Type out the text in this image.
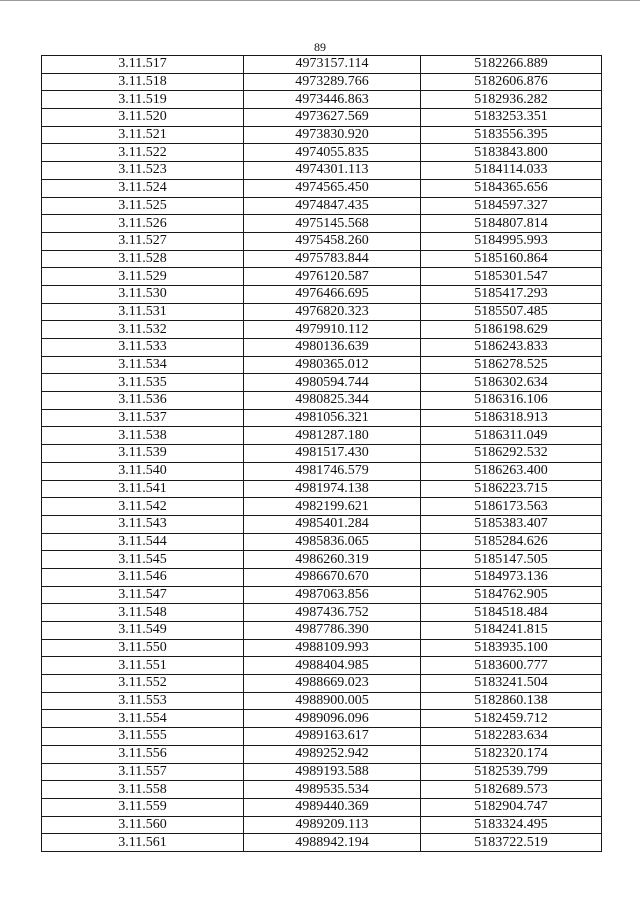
89
3.11.517	4973157.114	5182266.889
3.11.518	4973289.766	5182606.876
3.11.519	4973446.863	5182936.282
3.11.520	4973627.569	5183253.351
3.11.521	4973830.920	5183556.395
3.11.522	4974055.835	5183843.800
3.11.523	4974301.113	5184114.033
3.11.524	4974565.450	5184365.656
3.11.525	4974847.435	5184597.327
3.11.526	4975145.568	5184807.814
3.11.527	4975458.260	5184995.993
3.11.528	4975783.844	5185160.864
3.11.529	4976120.587	5185301.547
3.11.530	4976466.695	5185417.293
3.11.531	4976820.323	5185507.485
3.11.532	4979910.112	5186198.629
3.11.533	4980136.639	5186243.833
3.11.534	4980365.012	5186278.525
3.11.535	4980594.744	5186302.634
3.11.536	4980825.344	5186316.106
3.11.537	4981056.321	5186318.913
3.11.538	4981287.180	5186311.049
3.11.539	4981517.430	5186292.532
3.11.540	4981746.579	5186263.400
3.11.541	4981974.138	5186223.715
3.11.542	4982199.621	5186173.563
3.11.543	4985401.284	5185383.407
3.11.544	4985836.065	5185284.626
3.11.545	4986260.319	5185147.505
3.11.546	4986670.670	5184973.136
3.11.547	4987063.856	5184762.905
3.11.548	4987436.752	5184518.484
3.11.549	4987786.390	5184241.815
3.11.550	4988109.993	5183935.100
3.11.551	4988404.985	5183600.777
3.11.552	4988669.023	5183241.504
3.11.553	4988900.005	5182860.138
3.11.554	4989096.096	5182459.712
3.11.555	4989163.617	5182283.634
3.11.556	4989252.942	5182320.174
3.11.557	4989193.588	5182539.799
3.11.558	4989535.534	5182689.573
3.11.559	4989440.369	5182904.747
3.11.560	4989209.113	5183324.495
3.11.561	4988942.194	5183722.519
